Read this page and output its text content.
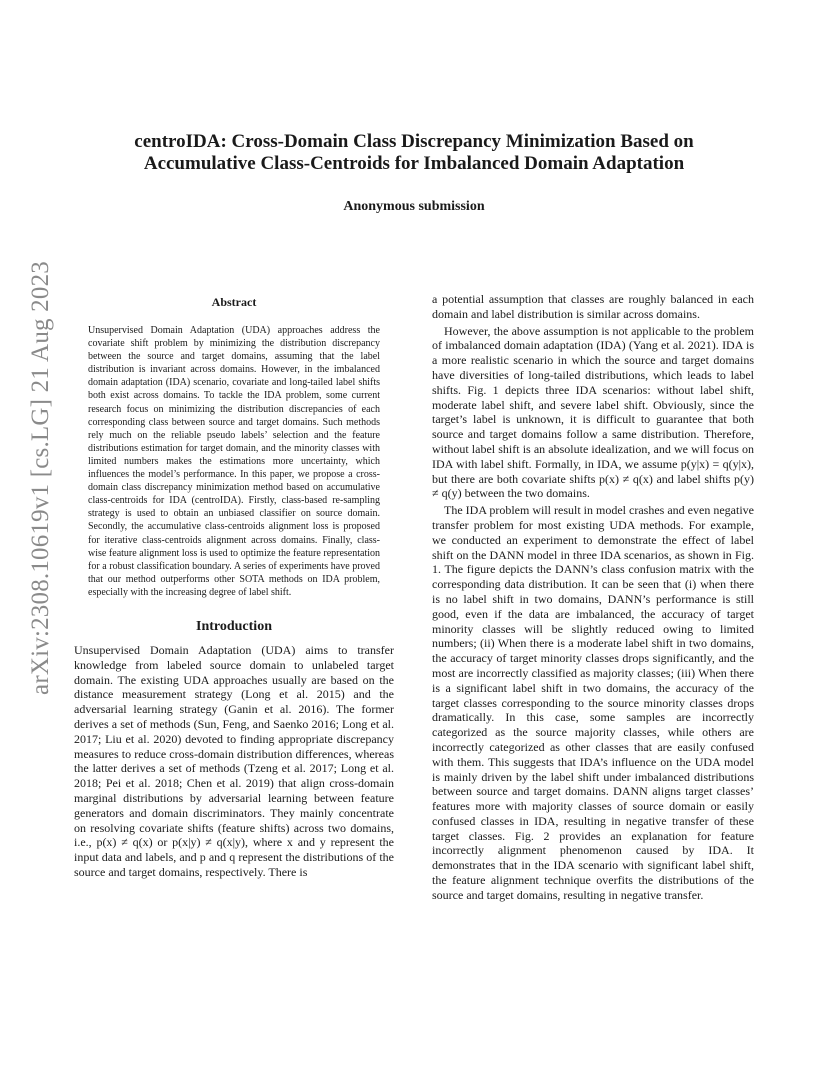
arXiv:2308.10619v1 [cs.LG] 21 Aug 2023
centroIDA: Cross-Domain Class Discrepancy Minimization Based on
Accumulative Class-Centroids for Imbalanced Domain Adaptation
Anonymous submission
Abstract

Unsupervised Domain Adaptation (UDA) approaches address the covariate shift problem by minimizing the distribution discrepancy between the source and target domains, assuming that the label distribution is invariant across domains. However, in the imbalanced domain adaptation (IDA) scenario, covariate and long-tailed label shifts both exist across domains. To tackle the IDA problem, some current research focus on minimizing the distribution discrepancies of each corresponding class between source and target domains. Such methods rely much on the reliable pseudo labels’ selection and the feature distributions estimation for target domain, and the minority classes with limited numbers makes the estimations more uncertainty, which influences the model’s performance. In this paper, we propose a cross-domain class discrepancy minimization method based on accumulative class-centroids for IDA (centroIDA). Firstly, class-based re-sampling strategy is used to obtain an unbiased classifier on source domain. Secondly, the accumulative class-centroids alignment loss is proposed for iterative class-centroids alignment across domains. Finally, class-wise feature alignment loss is used to optimize the feature representation for a robust classification boundary. A series of experiments have proved that our method outperforms other SOTA methods on IDA problem, especially with the increasing degree of label shift.

Introduction

Unsupervised Domain Adaptation (UDA) aims to transfer knowledge from labeled source domain to unlabeled target domain. The existing UDA approaches usually are based on the distance measurement strategy (Long et al. 2015) and the adversarial learning strategy (Ganin et al. 2016). The former derives a set of methods (Sun, Feng, and Saenko 2016; Long et al. 2017; Liu et al. 2020) devoted to finding appropriate discrepancy measures to reduce cross-domain distribution differences, whereas the latter derives a set of methods (Tzeng et al. 2017; Long et al. 2018; Pei et al. 2018; Chen et al. 2019) that align cross-domain marginal distributions by adversarial learning between feature generators and domain discriminators. They mainly concentrate on resolving covariate shifts (feature shifts) across two domains, i.e., p(x) ≠ q(x) or p(x|y) ≠ q(x|y), where x and y represent the input data and labels, and p and q represent the distributions of the source and target domains, respectively. There is

a potential assumption that classes are roughly balanced in each domain and label distribution is similar across domains.

However, the above assumption is not applicable to the problem of imbalanced domain adaptation (IDA) (Yang et al. 2021). IDA is a more realistic scenario in which the source and target domains have diversities of long-tailed distributions, which leads to label shifts. Fig. 1 depicts three IDA scenarios: without label shift, moderate label shift, and severe label shift. Obviously, since the target’s label is unknown, it is difficult to guarantee that both source and target domains follow a same distribution. Therefore, without label shift is an absolute idealization, and we will focus on IDA with label shift. Formally, in IDA, we assume p(y|x) = q(y|x), but there are both covariate shifts p(x) ≠ q(x) and label shifts p(y) ≠ q(y) between the two domains.

The IDA problem will result in model crashes and even negative transfer problem for most existing UDA methods. For example, we conducted an experiment to demonstrate the effect of label shift on the DANN model in three IDA scenarios, as shown in Fig. 1. The figure depicts the DANN’s class confusion matrix with the corresponding data distribution. It can be seen that (i) when there is no label shift in two domains, DANN’s performance is still good, even if the data are imbalanced, the accuracy of target minority classes will be slightly reduced owing to limited numbers; (ii) When there is a moderate label shift in two domains, the accuracy of target minority classes drops significantly, and the most are incorrectly classified as majority classes; (iii) When there is a significant label shift in two domains, the accuracy of the target classes corresponding to the source minority classes drops dramatically. In this case, some samples are incorrectly categorized as the source majority classes, while others are incorrectly categorized as other classes that are easily confused with them. This suggests that IDA’s influence on the UDA model is mainly driven by the label shift under imbalanced distributions between source and target domains. DANN aligns target classes’ features more with majority classes of source domain or easily confused classes in IDA, resulting in negative transfer of these target classes. Fig. 2 provides an explanation for feature incorrectly alignment phenomenon caused by IDA. It demonstrates that in the IDA scenario with significant label shift, the feature alignment technique overfits the distributions of the source and target domains, resulting in negative transfer.
